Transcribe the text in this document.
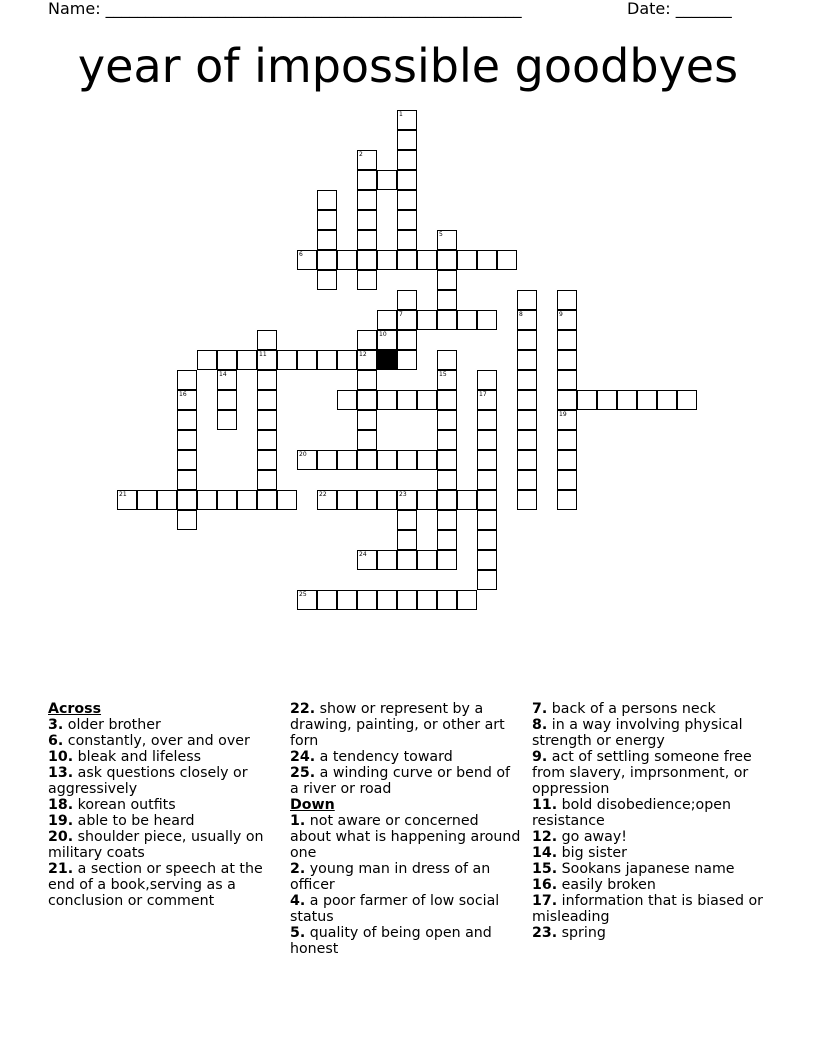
Name: ____________________________________________________	Date: _______
year of impossible goodbyes
1
2
5
6
7	8	9
10
11	12
14	15
16	17
19
20
21	22	23
24
25
Across
3. older brother
6. constantly, over and over
10. bleak and lifeless
13. ask questions closely or aggressively
18. korean outfits
19. able to be heard
20. shoulder piece, usually on military coats
21. a section or speech at the end of a book,serving as a conclusion or comment
22. show or represent by a drawing, painting, or other art forn
24. a tendency toward
25. a winding curve or bend of a river or road
Down
1. not aware or concerned about what is happening around one
2. young man in dress of an officer
4. a poor farmer of low social status
5. quality of being open and honest
7. back of a persons neck
8. in a way involving physical strength or energy
9. act of settling someone free from slavery, imprsonment, or oppression
11. bold disobedience;open resistance
12. go away!
14. big sister
15. Sookans japanese name
16. easily broken
17. information that is biased or misleading
23. spring
